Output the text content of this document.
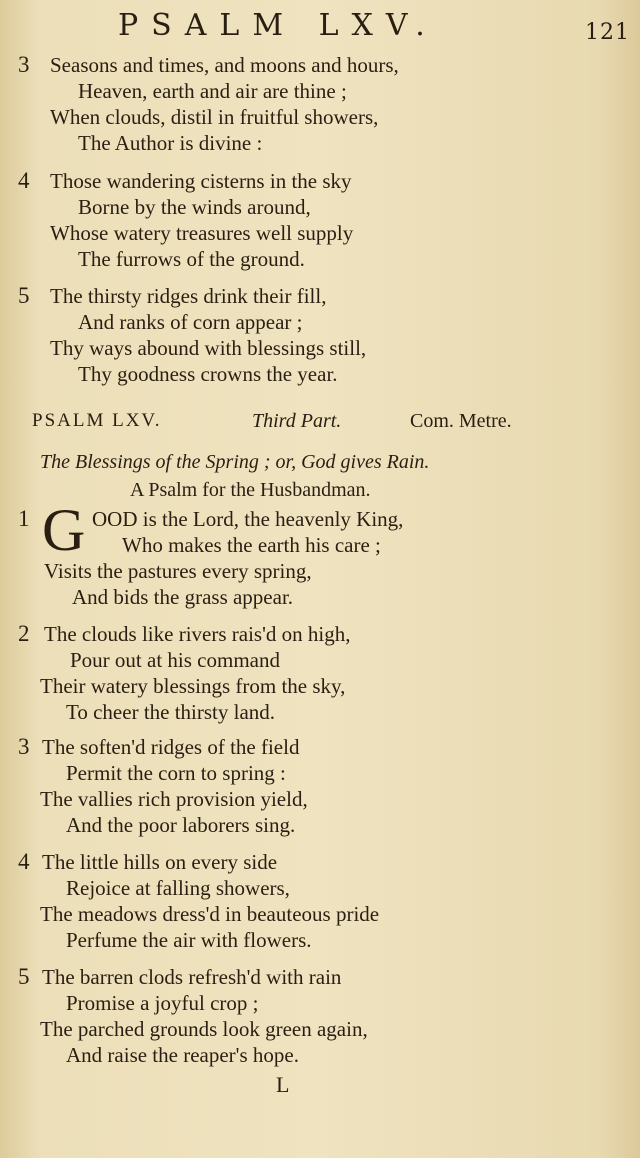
PSALM LXV.	121
3 Seasons and times, and moons and hours,
Heaven, earth and air are thine ;
When clouds, distil in fruitful showers,
The Author is divine :
4 Those wandering cisterns in the sky
Borne by the winds around,
Whose watery treasures well supply
The furrows of the ground.
5 The thirsty ridges drink their fill,
And ranks of corn appear ;
Thy ways abound with blessings still,
Thy goodness crowns the year.
PSALM LXV.	Third Part.	Com. Metre.
The Blessings of the Spring ; or, God gives Rain.
A Psalm for the Husbandman.
G
1	OOD is the Lord, the heavenly King,
Who makes the earth his care ;
Visits the pastures every spring,
And bids the grass appear.
2 The clouds like rivers rais'd on high,
Pour out at his command
Their watery blessings from the sky,
To cheer the thirsty land.
3 The soften'd ridges of the field
Permit the corn to spring :
The vallies rich provision yield,
And the poor laborers sing.
4 The little hills on every side
Rejoice at falling showers,
The meadows dress'd in beauteous pride
Perfume the air with flowers.
5 The barren clods refresh'd with rain
Promise a joyful crop ;
The parched grounds look green again,
And raise the reaper's hope.
L
